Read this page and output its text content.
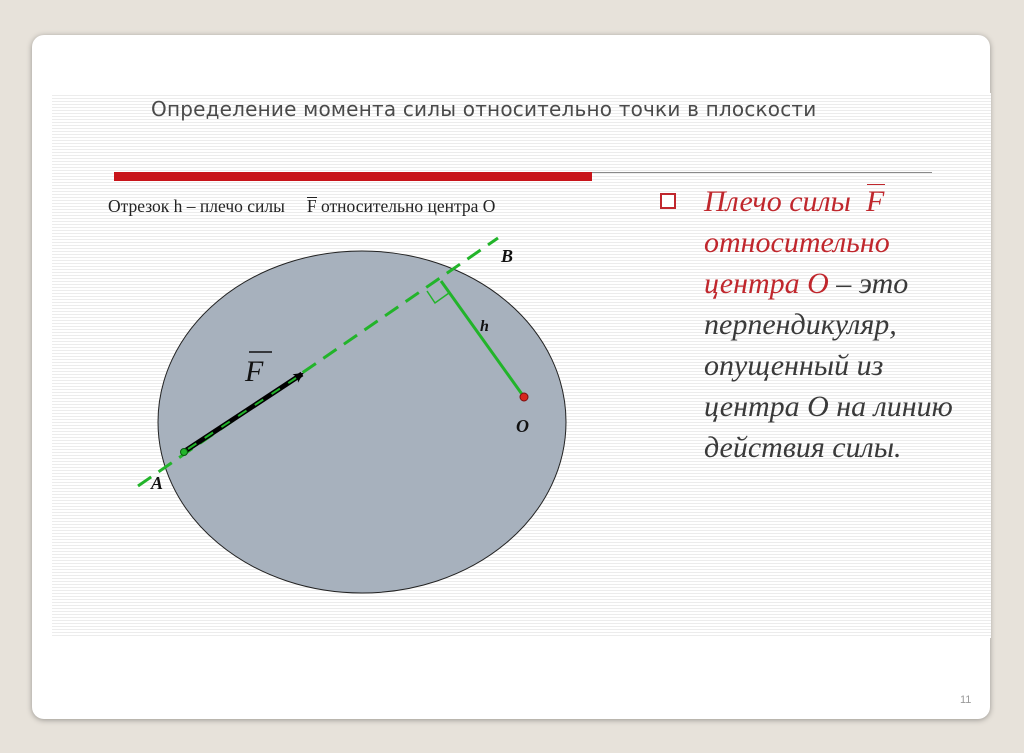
Определение момента силы относительно точки в плоскости

Отрезок h – плечо силы F относительно центра O

A
B
O
h
F

Плечо силы F относительно центра O – это перпендикуляр, опущенный из центра O на линию действия силы.

11
